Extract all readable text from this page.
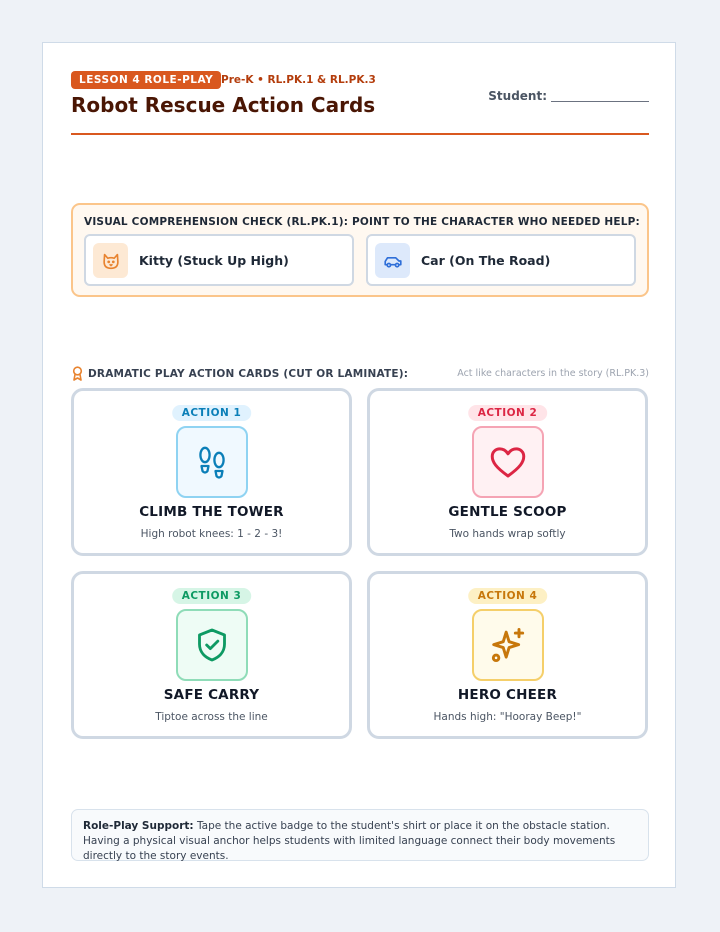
LESSON 4 ROLE-PLAY Pre-K • RL.PK.1 & RL.PK.3
Robot Rescue Action Cards	Student:
VISUAL COMPREHENSION CHECK (RL.PK.1): POINT TO THE CHARACTER WHO NEEDED HELP:
Kitty (Stuck Up High)	Car (On The Road)
DRAMATIC PLAY ACTION CARDS (CUT OR LAMINATE):	Act like characters in the story (RL.PK.3)
ACTION 1
CLIMB THE TOWER
High robot knees: 1 - 2 - 3!
ACTION 2
GENTLE SCOOP
Two hands wrap softly
ACTION 3
SAFE CARRY
Tiptoe across the line
ACTION 4
HERO CHEER
Hands high: "Hooray Beep!"
Role-Play Support: Tape the active badge to the student's shirt or place it on the obstacle station. Having a physical visual anchor helps students with limited language connect their body movements directly to the story events.
